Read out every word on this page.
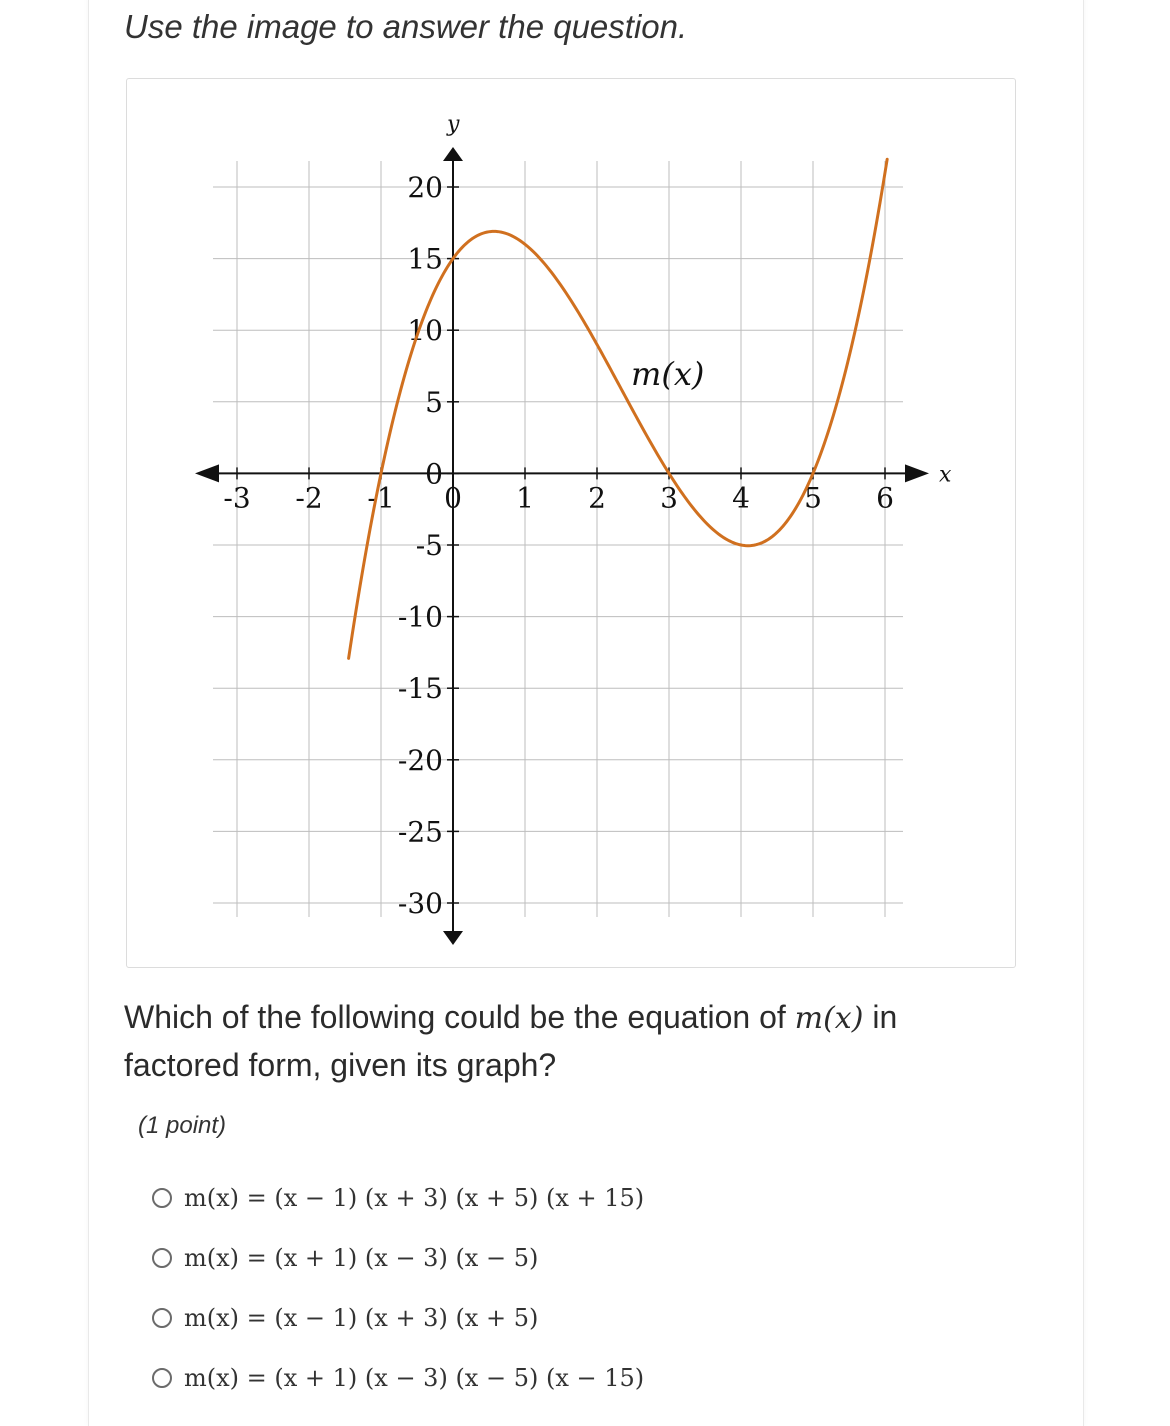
Use the image to answer the question.
-3 -2 -1 0 1 2 3 4 5 6
20
15
10
5
0
-5
-10
-15
-20
-25
-30
x
y
m(x)
Which of the following could be the equation of m(x) in factored form, given its graph?
(1 point)
m(x) = (x − 1) (x + 3) (x + 5) (x + 15)
m(x) = (x + 1) (x − 3) (x − 5)
m(x) = (x − 1) (x + 3) (x + 5)
m(x) = (x + 1) (x − 3) (x − 5) (x − 15)
